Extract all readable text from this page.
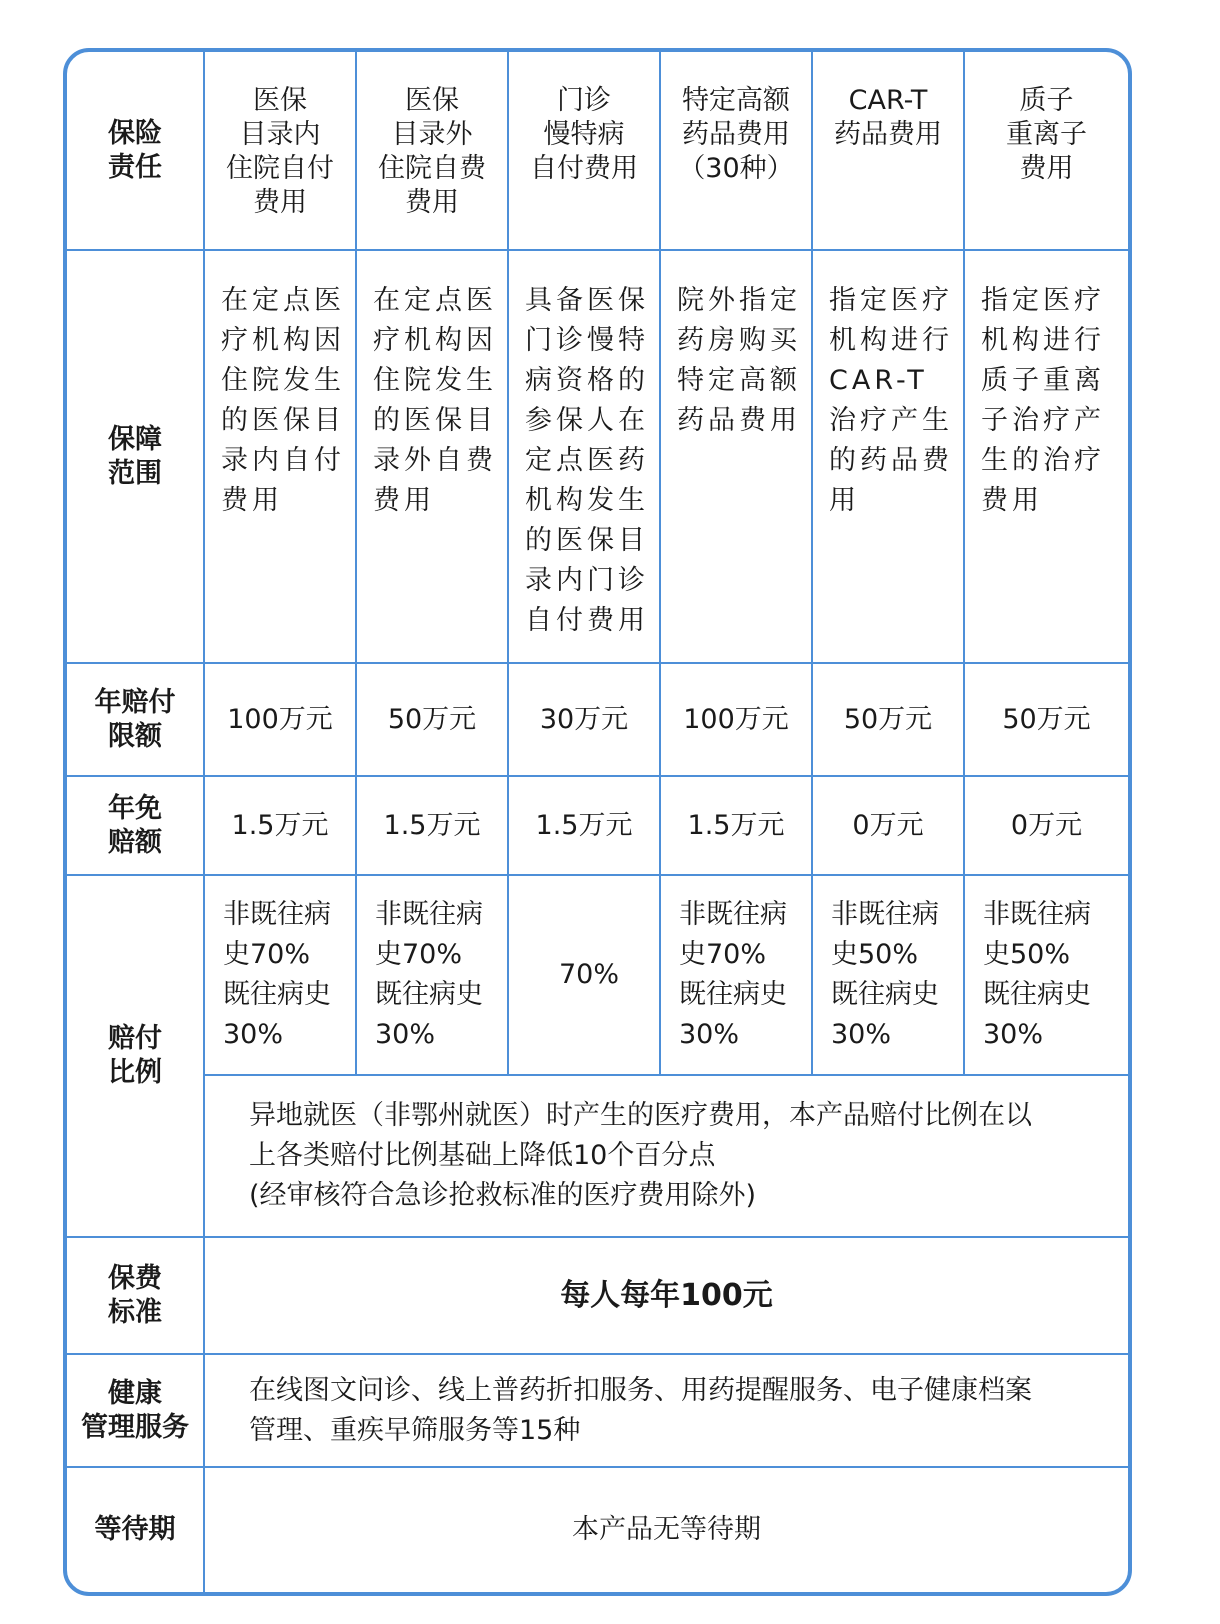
保险
责任	医保
目录内
住院自付
费用	医保
目录外
住院自费
费用	门诊
慢特病
自付费用	特定高额
药品费用
（30种）	CAR-T
药品费用	质子
重离子
费用

保障
范围	在定点医疗机构因住院发生的医保目录内自付费用	在定点医疗机构因住院发生的医保目录外自费费用	具备医保门诊慢特病资格的参保人在定点医药机构发生的医保目录内门诊自付费用	院外指定药房购买特定高额药品费用	指定医疗机构进行CAR-T治疗产生的药品费用	指定医疗机构进行质子重离子治疗产生的治疗费用

年赔付
限额	100万元	50万元	30万元	100万元	50万元	50万元

年免
赔额	1.5万元	1.5万元	1.5万元	1.5万元	0万元	0万元

赔付
比例	非既往病
史70%
既往病史
30%	非既往病
史70%
既往病史
30%	70%	非既往病
史70%
既往病史
30%	非既往病
史50%
既往病史
30%	非既往病
史50%
既往病史
30%

	异地就医（非鄂州就医）时产生的医疗费用，本产品赔付比例在以
上各类赔付比例基础上降低10个百分点
(经审核符合急诊抢救标准的医疗费用除外)					

保费
标准	每人每年100元					

健康
管理服务	在线图文问诊、线上普药折扣服务、用药提醒服务、电子健康档案
管理、重疾早筛服务等15种					

等待期	本产品无等待期					
